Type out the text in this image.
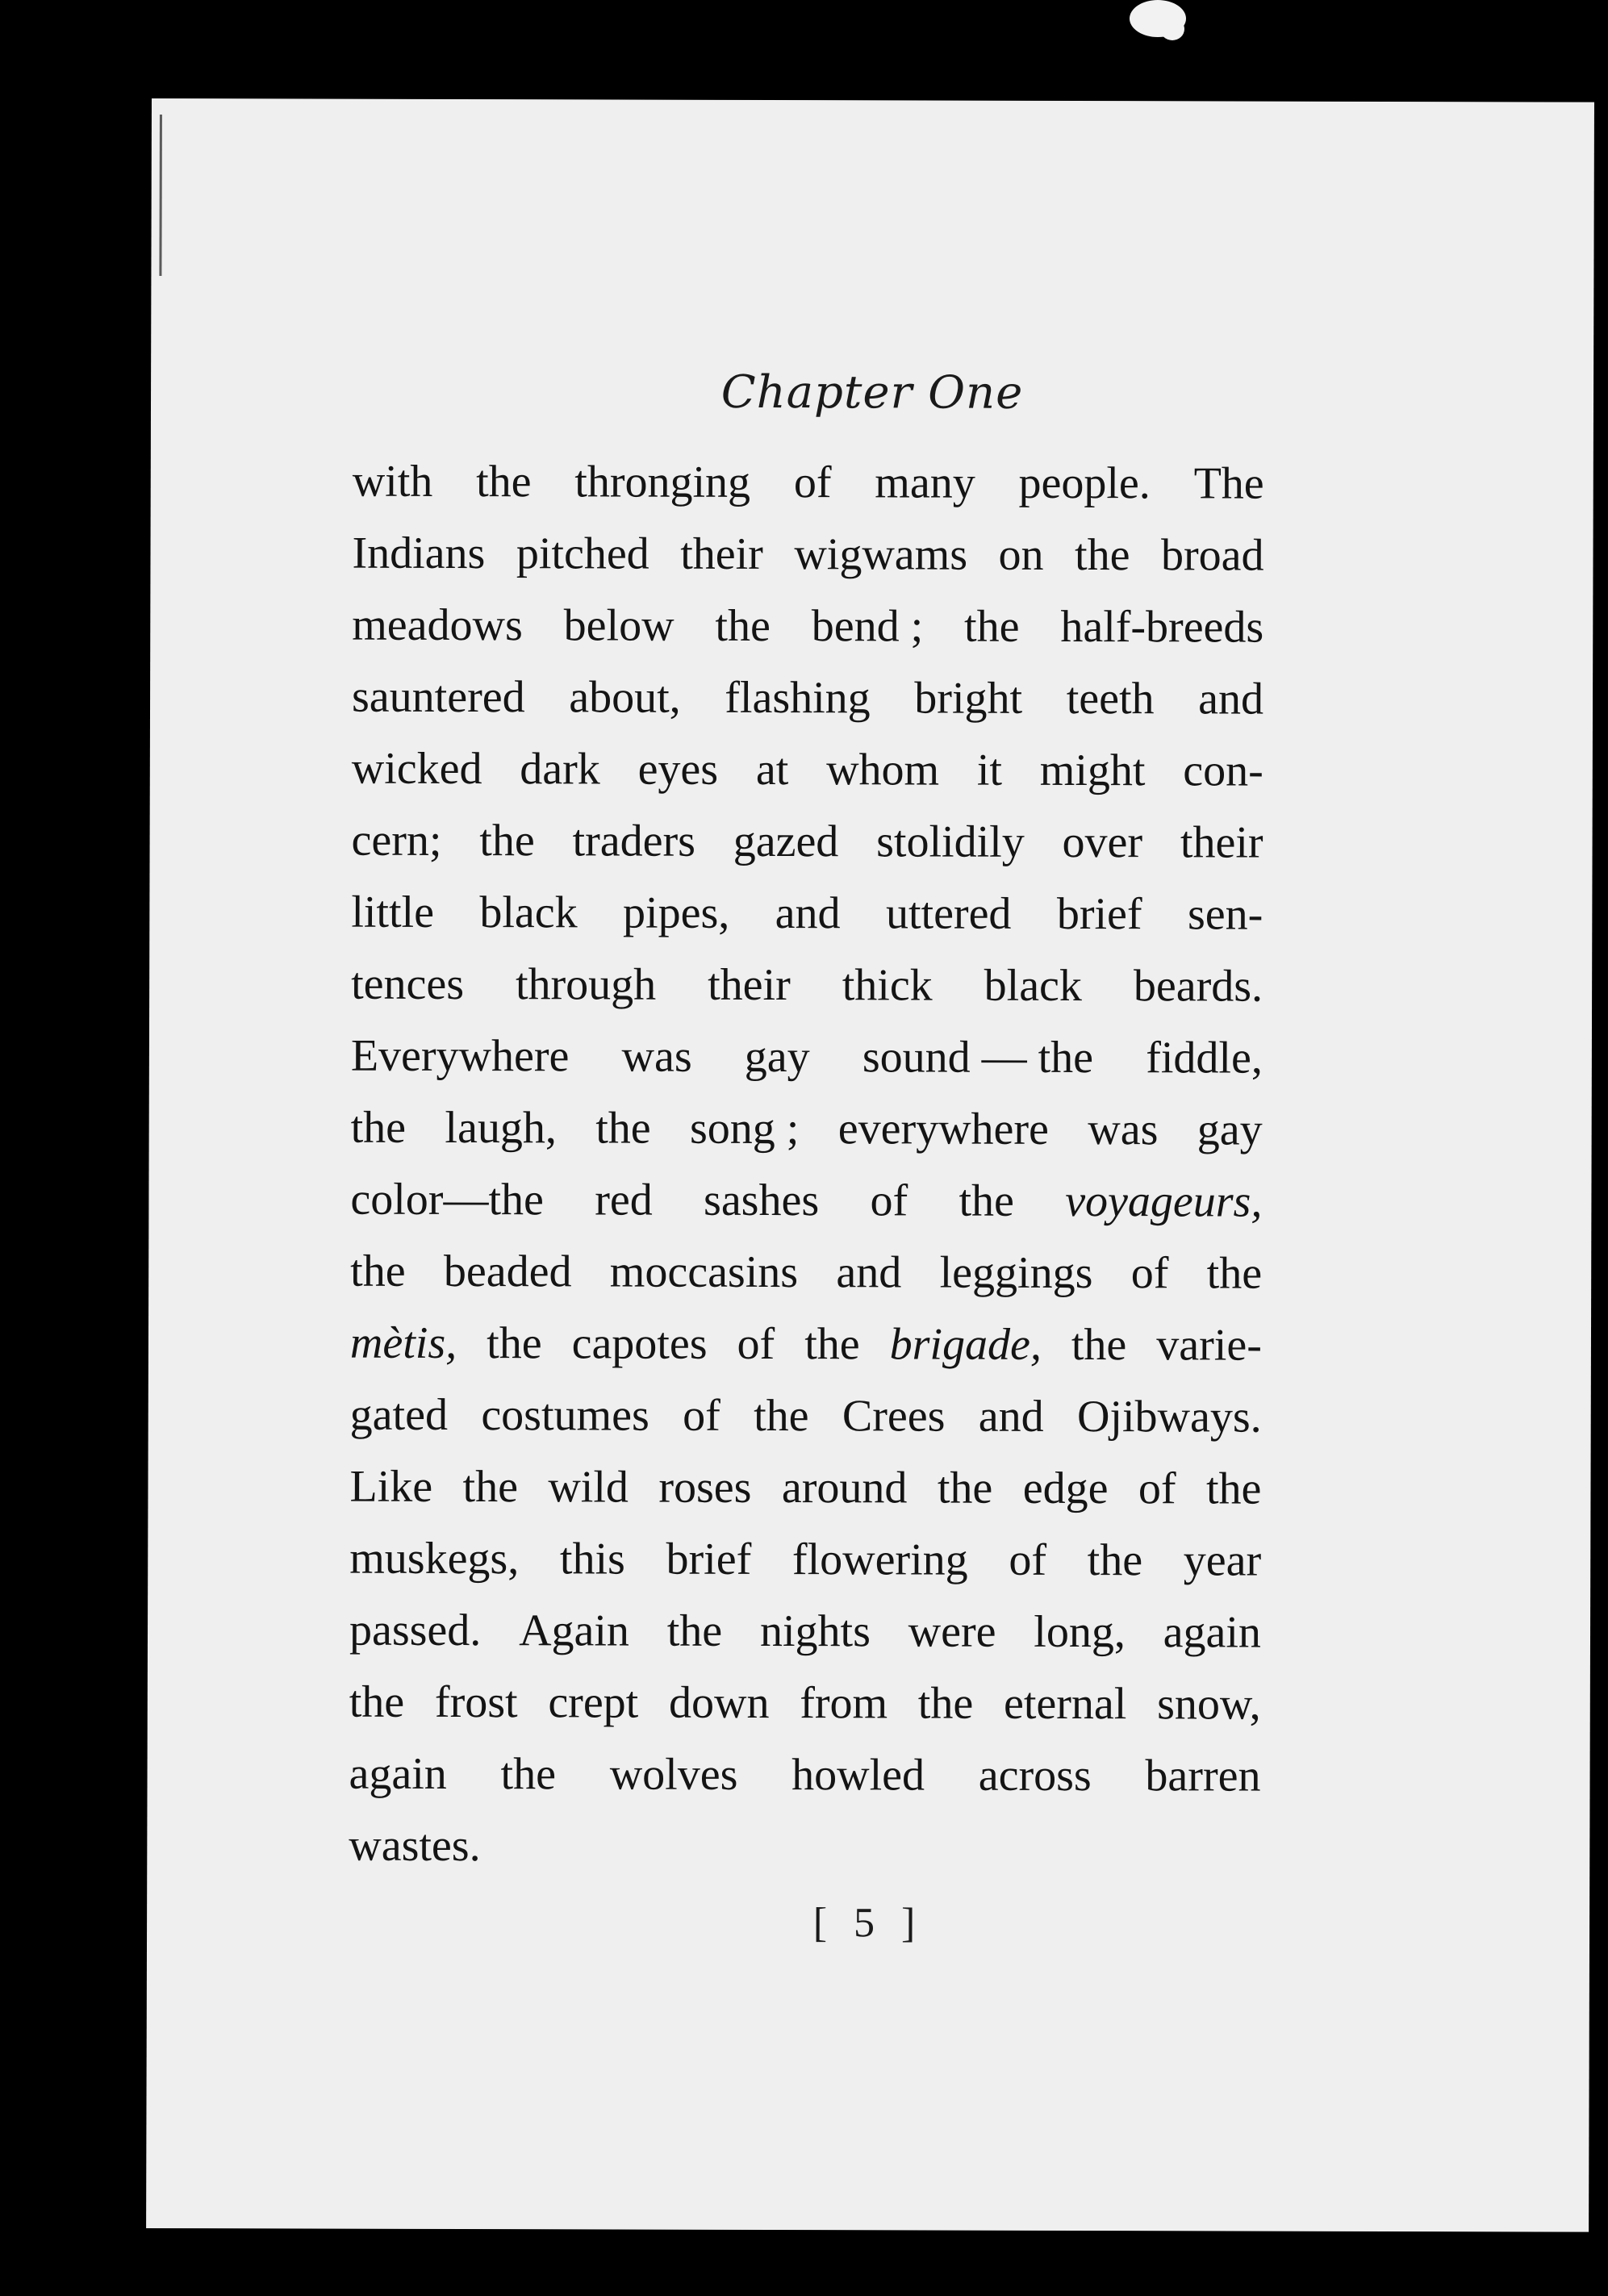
Chapter One
with the thronging of many people. The
Indians pitched their wigwams on the broad
meadows below the bend ; the half-breeds
sauntered about, flashing bright teeth and
wicked dark eyes at whom it might con-
cern; the traders gazed stolidily over their
little black pipes, and uttered brief sen-
tences through their thick black beards.
Everywhere was gay sound — the fiddle,
the laugh, the song ; everywhere was gay
color—the red sashes of the voyageurs,
the beaded moccasins and leggings of the
mètis, the capotes of the brigade, the varie-
gated costumes of the Crees and Ojibways.
Like the wild roses around the edge of the
muskegs, this brief flowering of the year
passed. Again the nights were long, again
the frost crept down from the eternal snow,
again the wolves howled across barren
wastes.
[ 5 ]
